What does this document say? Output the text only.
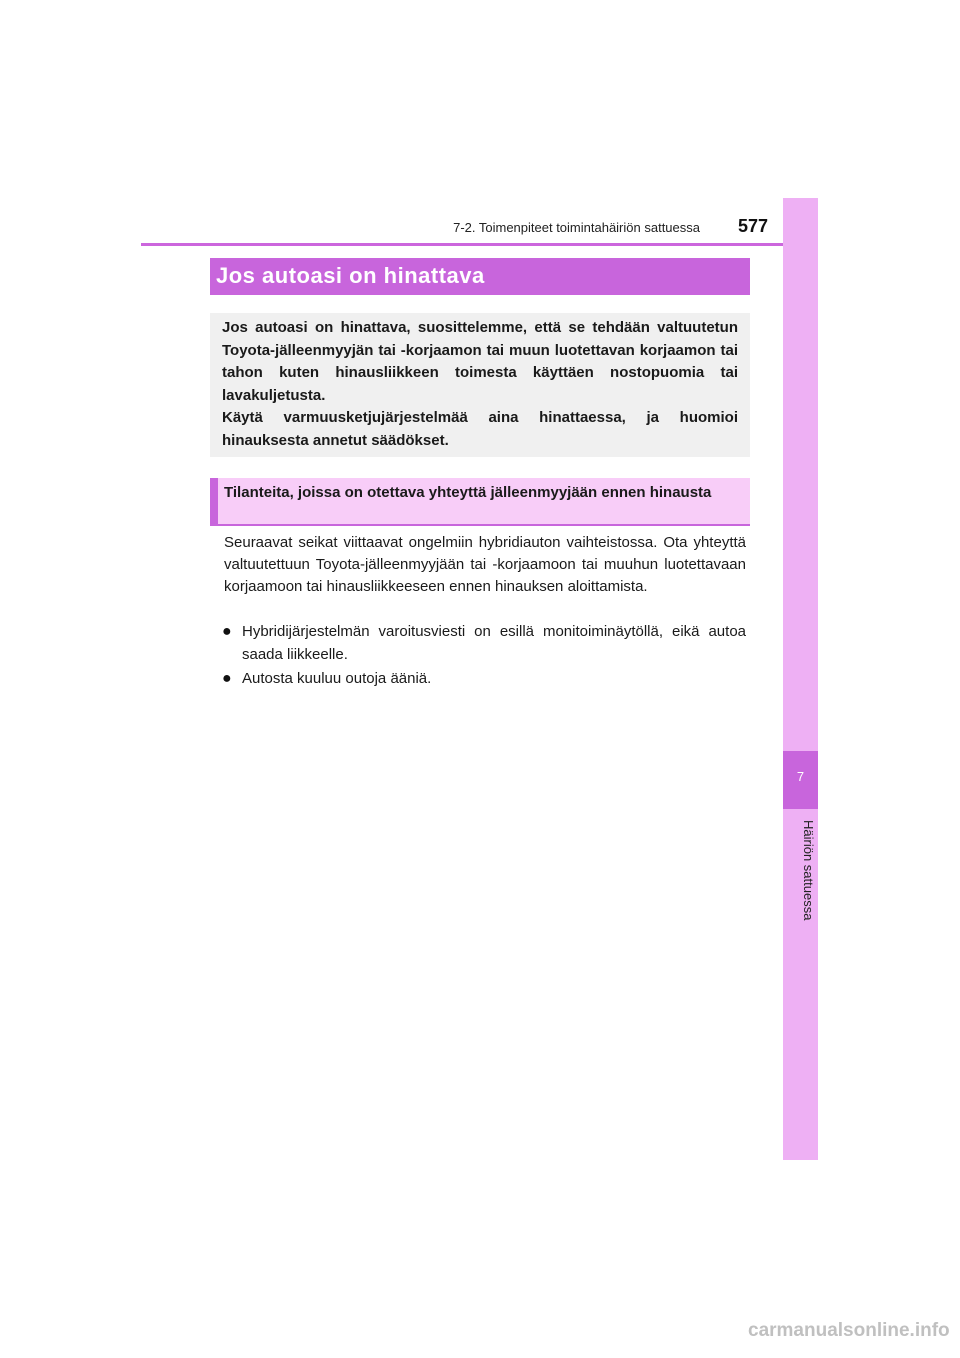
7-2. Toimenpiteet toimintahäiriön sattuessa 577
7
Häiriön sattuessa
Jos autoasi on hinattava

Jos autoasi on hinattava, suosittelemme, että se tehdään valtuutetun Toyota-jälleenmyyjän tai -korjaamon tai muun luotettavan korjaamon tai tahon kuten hinausliikkeen toimesta käyttäen nostopuomia tai lavakuljetusta.

Käytä varmuusketjujärjestelmää aina hinattaessa, ja huomioi hinauksesta annetut säädökset.

Tilanteita, joissa on otettava yhteyttä jälleenmyyjään ennen hinausta

Seuraavat seikat viittaavat ongelmiin hybridiauton vaihteistossa. Ota yhteyttä valtuutettuun Toyota-jälleenmyyjään tai -korjaamoon tai muuhun luotettavaan korjaamoon tai hinausliikkeeseen ennen hinauksen aloittamista.

● Hybridijärjestelmän varoitusviesti on esillä monitoiminäytöllä, eikä autoa saada liikkeelle.
● Autosta kuuluu outoja ääniä.
carmanualsonline.info
